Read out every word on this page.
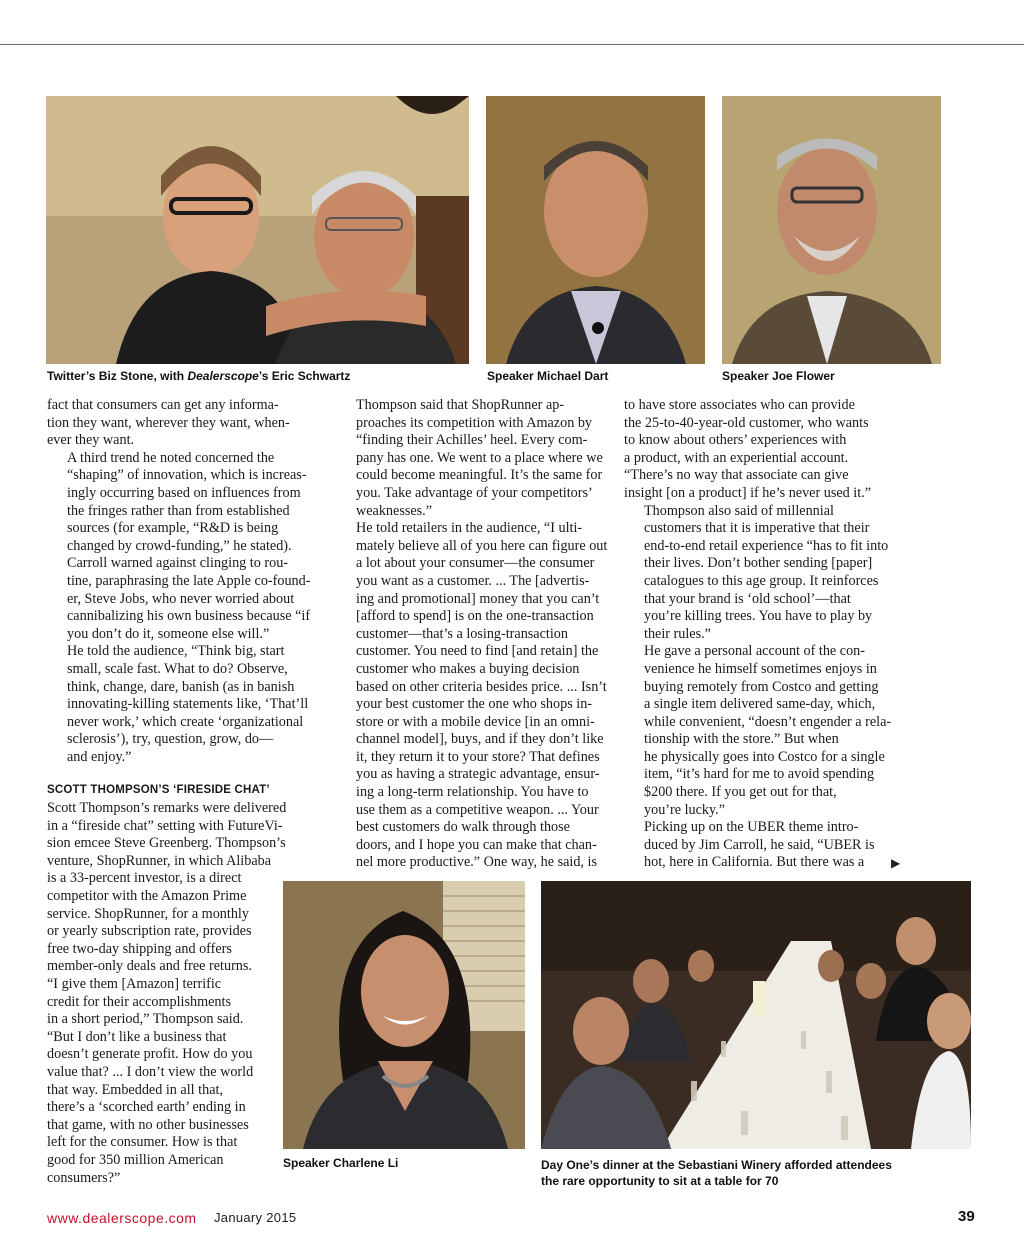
Twitter’s Biz Stone, with Dealerscope’s Eric Schwartz	Speaker Michael Dart	Speaker Joe Flower

fact that consumers can get any informa-
tion they want, wherever they want, when-
ever they want.

A third trend he noted concerned the
“shaping” of innovation, which is increas-
ingly occurring based on influences from
the fringes rather than from established
sources (for example, “R&D is being
changed by crowd-funding,” he stated).

Carroll warned against clinging to rou-
tine, paraphrasing the late Apple co-found-
er, Steve Jobs, who never worried about
cannibalizing his own business because “if
you don’t do it, someone else will.”

He told the audience, “Think big, start
small, scale fast. What to do? Observe,
think, change, dare, banish (as in banish
innovating-killing statements like, ‘That’ll
never work,’ which create ‘organizational
sclerosis’), try, question, grow, do—
and enjoy.”

SCOTT THOMPSON’S ‘FIRESIDE CHAT’

Scott Thompson’s remarks were delivered
in a “fireside chat” setting with FutureVi-
sion emcee Steve Greenberg. Thompson’s
venture, ShopRunner, in which Alibaba
is a 33-percent investor, is a direct
competitor with the Amazon Prime
service. ShopRunner, for a monthly
or yearly subscription rate, provides
free two-day shipping and offers
member-only deals and free returns.
“I give them [Amazon] terrific
credit for their accomplishments
in a short period,” Thompson said.
“But I don’t like a business that
doesn’t generate profit. How do you
value that? ... I don’t view the world
that way. Embedded in all that,
there’s a ‘scorched earth’ ending in
that game, with no other businesses
left for the consumer. How is that
good for 350 million American
consumers?”

Thompson said that ShopRunner ap-
proaches its competition with Amazon by
“finding their Achilles’ heel. Every com-
pany has one. We went to a place where we
could become meaningful. It’s the same for
you. Take advantage of your competitors’
weaknesses.”

He told retailers in the audience, “I ulti-
mately believe all of you here can figure out
a lot about your consumer—the consumer
you want as a customer. ... The [advertis-
ing and promotional] money that you can’t
[afford to spend] is on the one-transaction
customer—that’s a losing-transaction
customer. You need to find [and retain] the
customer who makes a buying decision
based on other criteria besides price. ... Isn’t
your best customer the one who shops in-
store or with a mobile device [in an omni-
channel model], buys, and if they don’t like
it, they return it to your store? That defines
you as having a strategic advantage, ensur-
ing a long-term relationship. You have to
use them as a competitive weapon. ... Your
best customers do walk through those
doors, and I hope you can make that chan-
nel more productive.” One way, he said, is

to have store associates who can provide
the 25-to-40-year-old customer, who wants
to know about others’ experiences with
a product, with an experiential account.
“There’s no way that associate can give
insight [on a product] if he’s never used it.”

Thompson also said of millennial
customers that it is imperative that their
end-to-end retail experience “has to fit into
their lives. Don’t bother sending [paper]
catalogues to this age group. It reinforces
that your brand is ‘old school’—that
you’re killing trees. You have to play by
their rules.”

He gave a personal account of the con-
venience he himself sometimes enjoys in
buying remotely from Costco and getting
a single item delivered same-day, which,
while convenient, “doesn’t engender a rela-
tionship with the store.” But when
he physically goes into Costco for a single
item, “it’s hard for me to avoid spending
$200 there. If you get out for that,
you’re lucky.”

Picking up on the UBER theme intro-
duced by Jim Carroll, he said, “UBER is
hot, here in California. But there was a	▶
Speaker Charlene Li	Day One’s dinner at the Sebastiani Winery afforded attendees
the rare opportunity to sit at a table for 70
www.dealerscope.com January 2015	39
